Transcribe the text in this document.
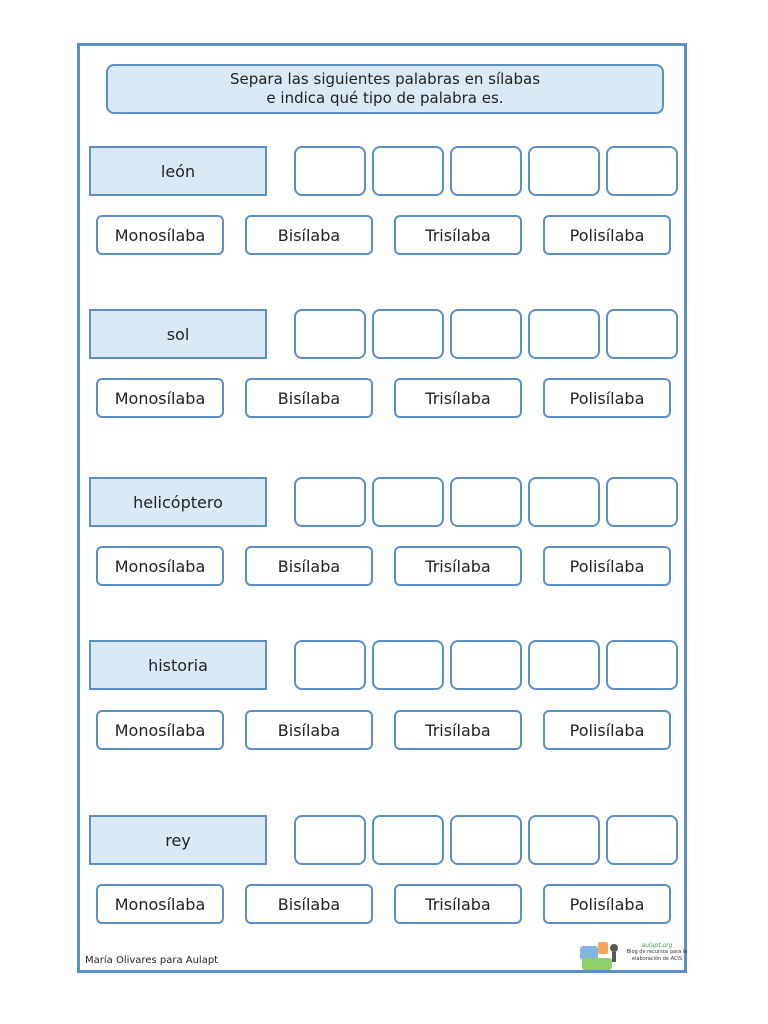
Separa las siguientes palabras en sílabas
e indica qué tipo de palabra es.
león
Monosílaba	Bisílaba	Trisílaba	Polisílaba
sol
Monosílaba	Bisílaba	Trisílaba	Polisílaba
helicóptero
Monosílaba	Bisílaba	Trisílaba	Polisílaba
historia
Monosílaba	Bisílaba	Trisílaba	Polisílaba
rey
Monosílaba	Bisílaba	Trisílaba	Polisílaba
María Olivares para Aulapt
aulapt.org
Blog de recursos para la elaboración de ACIS
